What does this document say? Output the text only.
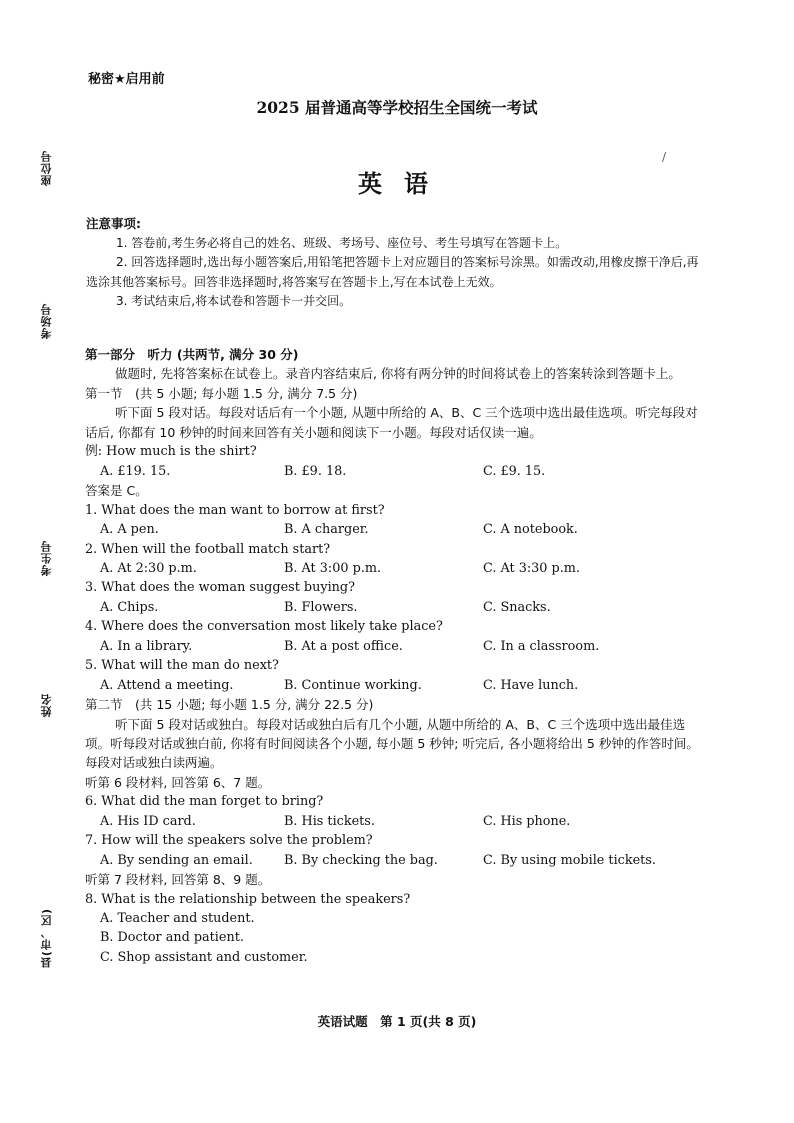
秘密★启用前
2025 届普通高等学校招生全国统一考试
英语
/
座位号
考场号
考生号
姓名
县(市、区)

注意事项:

1. 答卷前,考生务必将自己的姓名、班级、考场号、座位号、考生号填写在答题卡上。

2. 回答选择题时,选出每小题答案后,用铅笔把答题卡上对应题目的答案标号涂黑。如需改动,用橡皮擦干净后,再选涂其他答案标号。回答非选择题时,将答案写在答题卡上,写在本试卷上无效。

3. 考试结束后,将本试卷和答题卡一并交回。

第一部分　听力 (共两节, 满分 30 分)

做题时, 先将答案标在试卷上。录音内容结束后, 你将有两分钟的时间将试卷上的答案转涂到答题卡上。

第一节　(共 5 小题; 每小题 1.5 分, 满分 7.5 分)

听下面 5 段对话。每段对话后有一个小题, 从题中所给的 A、B、C 三个选项中选出最佳选项。听完每段对话后, 你都有 10 秒钟的时间来回答有关小题和阅读下一小题。每段对话仅读一遍。

例: How much is the shirt?

A. £19. 15.	B. £9. 18.	C. £9. 15.

答案是 C。

1. What does the man want to borrow at first?

A. A pen.	B. A charger.	C. A notebook.

2. When will the football match start?

A. At 2:30 p.m.	B. At 3:00 p.m.	C. At 3:30 p.m.

3. What does the woman suggest buying?

A. Chips.	B. Flowers.	C. Snacks.

4. Where does the conversation most likely take place?

A. In a library.	B. At a post office.	C. In a classroom.

5. What will the man do next?

A. Attend a meeting.	B. Continue working.	C. Have lunch.

第二节　(共 15 小题; 每小题 1.5 分, 满分 22.5 分)

听下面 5 段对话或独白。每段对话或独白后有几个小题, 从题中所给的 A、B、C 三个选项中选出最佳选项。听每段对话或独白前, 你将有时间阅读各个小题, 每小题 5 秒钟; 听完后, 各小题将给出 5 秒钟的作答时间。每段对话或独白读两遍。

听第 6 段材料, 回答第 6、7 题。

6. What did the man forget to bring?

A. His ID card.	B. His tickets.	C. His phone.

7. How will the speakers solve the problem?

A. By sending an email.	B. By checking the bag.	C. By using mobile tickets.

听第 7 段材料, 回答第 8、9 题。

8. What is the relationship between the speakers?

A. Teacher and student.

B. Doctor and patient.

C. Shop assistant and customer.

英语试题　第 1 页(共 8 页)
